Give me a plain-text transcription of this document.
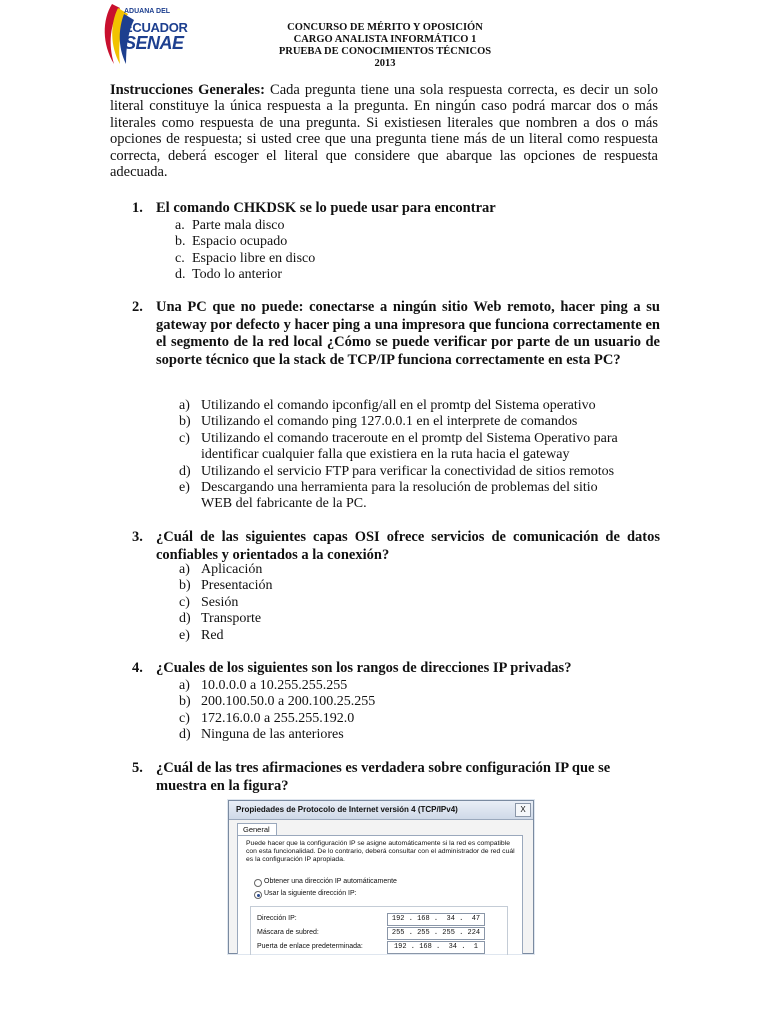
ADUANA DEL
ECUADOR
SENAE
CONCURSO DE MÉRITO Y OPOSICIÓN
CARGO ANALISTA INFORMÁTICO 1
PRUEBA DE CONOCIMIENTOS TÉCNICOS
2013
Instrucciones Generales: Cada pregunta tiene una sola respuesta correcta, es decir un solo literal constituye la única respuesta a la pregunta. En ningún caso podrá marcar dos o más literales como respuesta de una pregunta. Si existiesen literales que nombren a dos o más opciones de respuesta; si usted cree que una pregunta tiene más de un literal como respuesta correcta, deberá escoger el literal que considere que abarque las opciones de respuesta adecuada.
1. El comando CHKDSK se lo puede usar para encontrar
a. Parte mala disco
b. Espacio ocupado
c. Espacio libre en disco
d. Todo lo anterior
2. Una PC que no puede: conectarse a ningún sitio Web remoto, hacer ping a su gateway por defecto y hacer ping a una impresora que funciona correctamente en el segmento de la red local ¿Cómo se puede verificar por parte de un usuario de soporte técnico que la stack de TCP/IP funciona correctamente en esta PC?
a) Utilizando el comando ipconfig/all en el promtp del Sistema operativo
b) Utilizando el comando ping 127.0.0.1 en el interprete de comandos
c) Utilizando el comando traceroute en el promtp del Sistema Operativo para
identificar cualquier falla que existiera en la ruta hacia el gateway
d) Utilizando el servicio FTP para verificar la conectividad de sitios remotos
e) Descargando una herramienta para la resolución de problemas del sitio
WEB del fabricante de la PC.
3. ¿Cuál de las siguientes capas OSI ofrece servicios de comunicación de datos confiables y orientados a la conexión?
a) Aplicación
b) Presentación
c) Sesión
d) Transporte
e) Red
4. ¿Cuales de los siguientes son los rangos de direcciones IP privadas?
a) 10.0.0.0 a 10.255.255.255
b) 200.100.50.0 a 200.100.25.255
c) 172.16.0.0 a 255.255.192.0
d) Ninguna de las anteriores
5. ¿Cuál de las tres afirmaciones es verdadera sobre configuración IP que se muestra en la figura?
Propiedades de Protocolo de Internet versión 4 (TCP/IPv4)	X
General
Puede hacer que la configuración IP se asigne automáticamente si la red es compatible con esta funcionalidad. De lo contrario, deberá consultar con el administrador de red cuál es la configuración IP apropiada.
Obtener una dirección IP automáticamente
Usar la siguiente dirección IP:
Dirección IP:	192 . 168 .  34 .  47
Máscara de subred:	255 . 255 . 255 . 224
Puerta de enlace predeterminada:	192 . 168 .  34 .  1
